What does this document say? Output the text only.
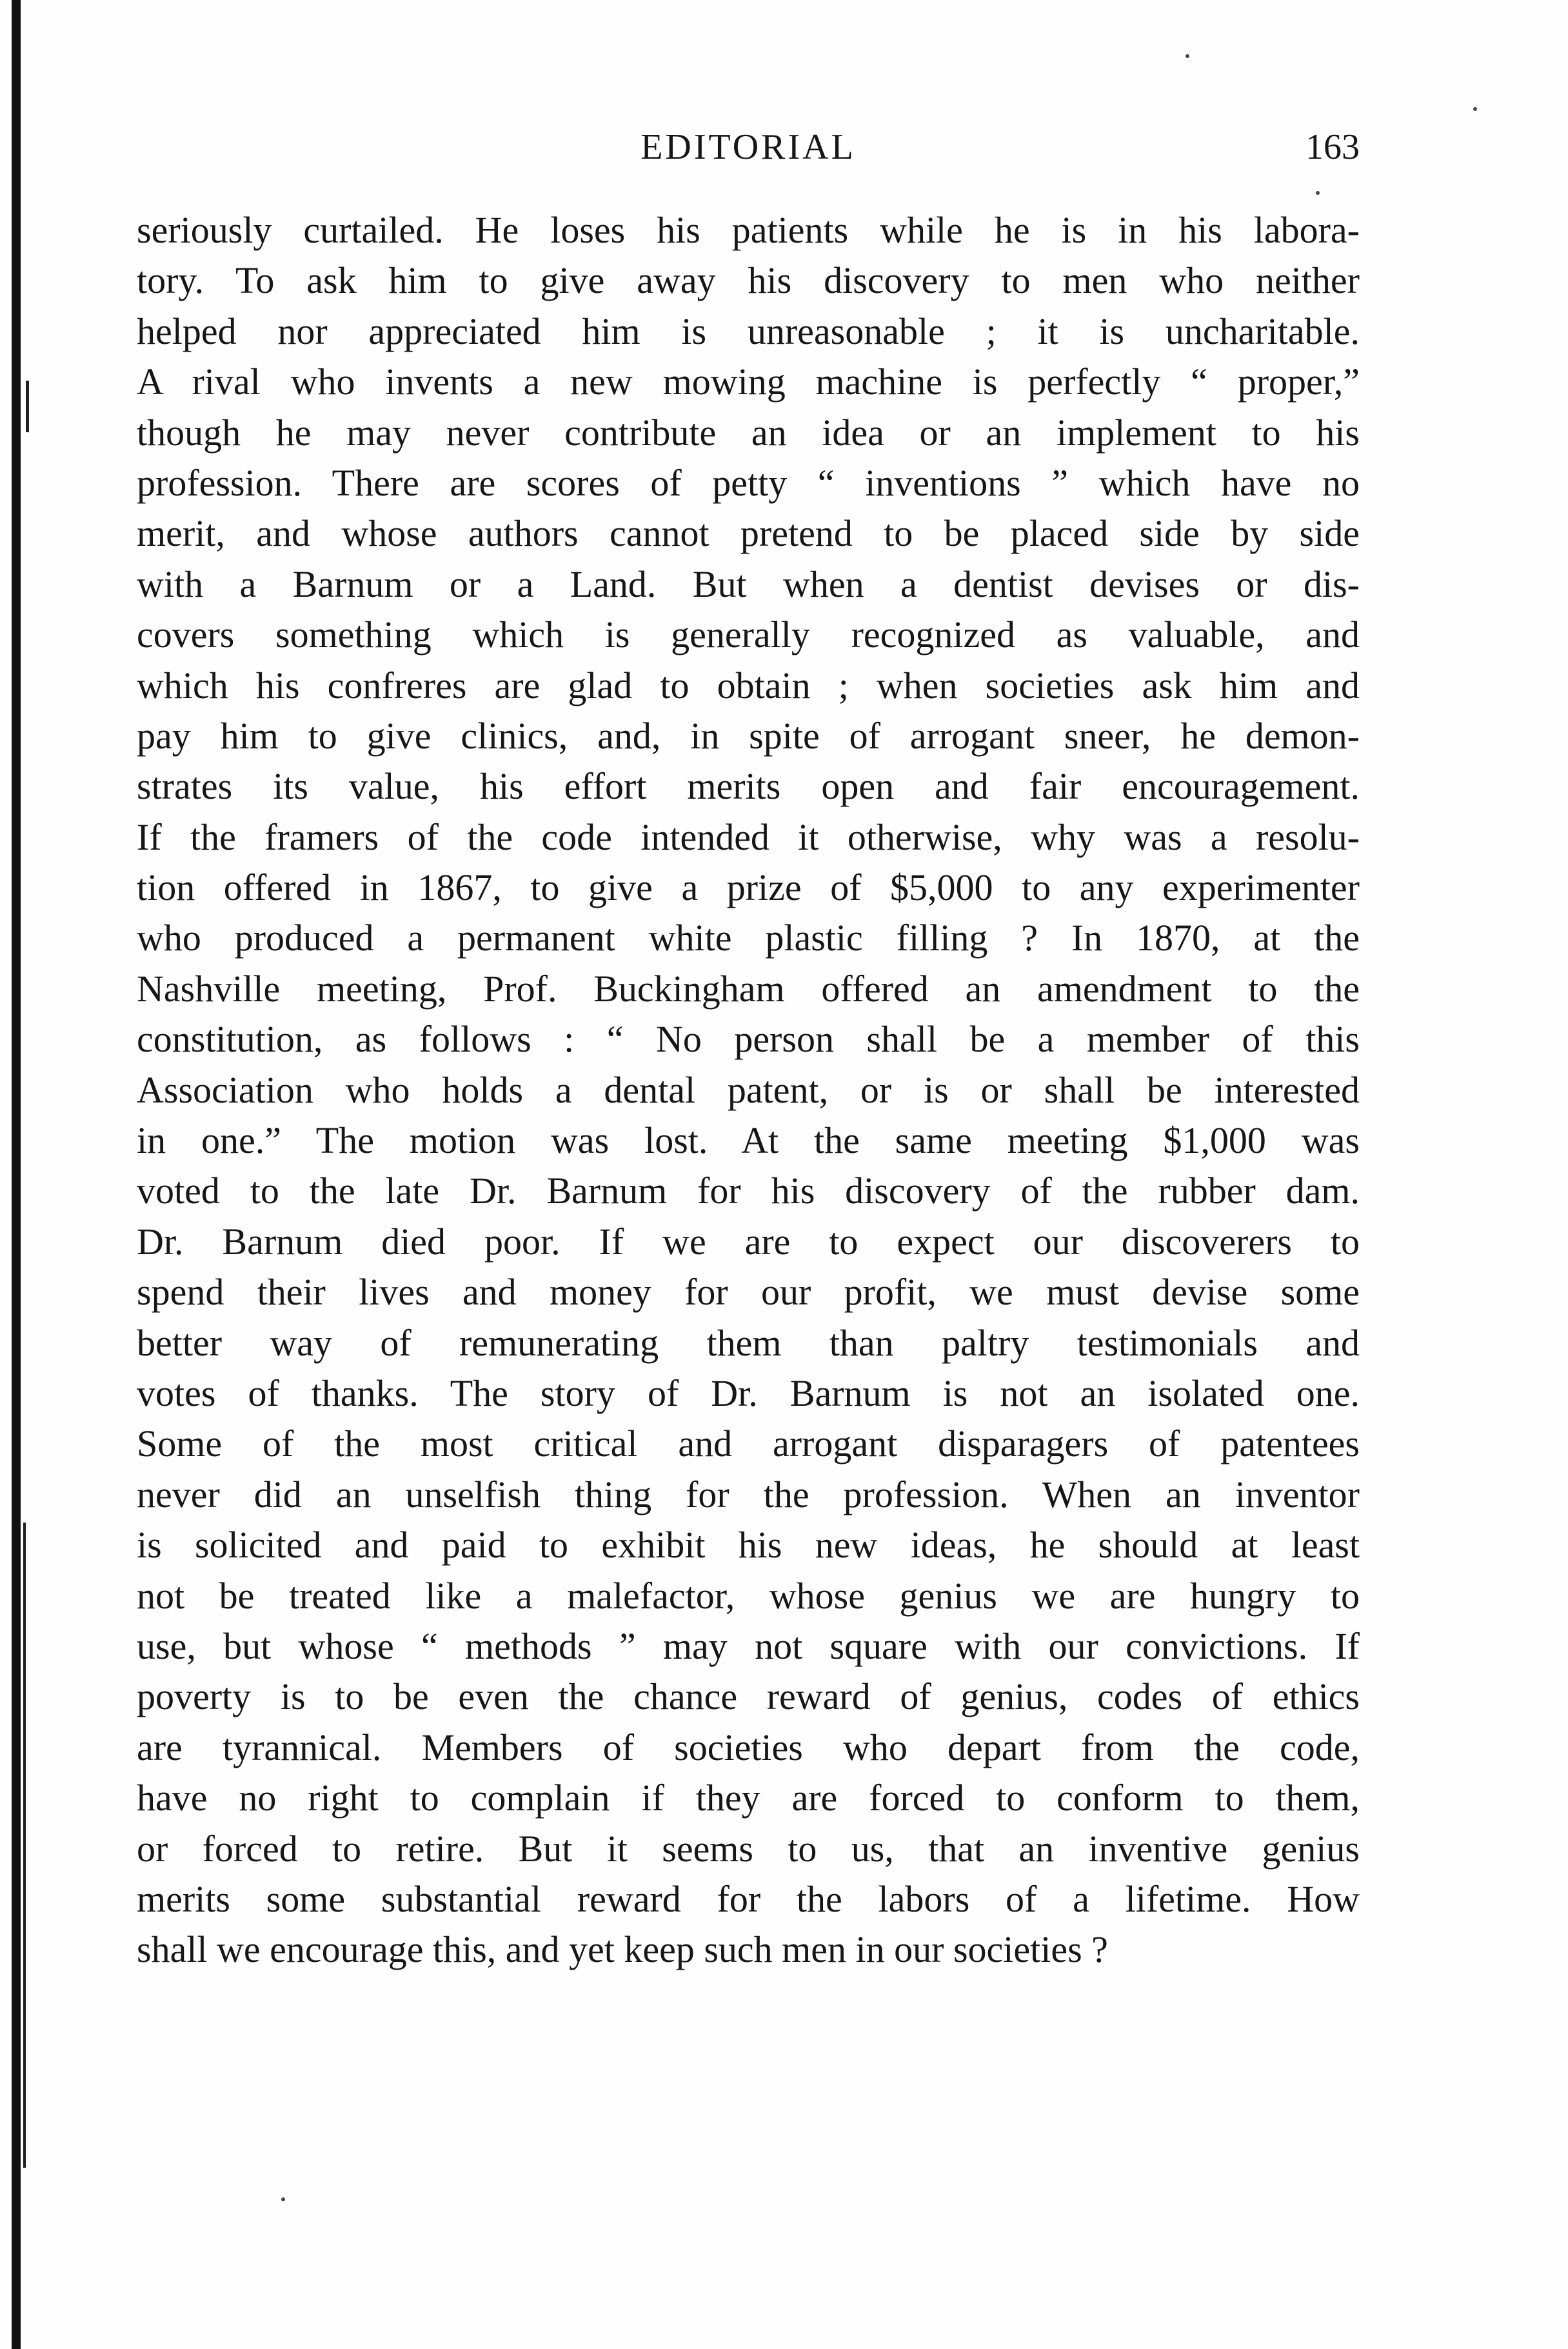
EDITORIAL	163
seriously curtailed. He loses his patients while he is in his labora-
tory. To ask him to give away his discovery to men who neither
helped nor appreciated him is unreasonable ; it is uncharitable.
A rival who invents a new mowing machine is perfectly “ proper,”
though he may never contribute an idea or an implement to his
profession. There are scores of petty “ inventions ” which have no
merit, and whose authors cannot pretend to be placed side by side
with a Barnum or a Land. But when a dentist devises or dis-
covers something which is generally recognized as valuable, and
which his confreres are glad to obtain ; when societies ask him and
pay him to give clinics, and, in spite of arrogant sneer, he demon-
strates its value, his effort merits open and fair encouragement.
If the framers of the code intended it otherwise, why was a resolu-
tion offered in 1867, to give a prize of $5,000 to any experimenter
who produced a permanent white plastic filling ? In 1870, at the
Nashville meeting, Prof. Buckingham offered an amendment to the
constitution, as follows : “ No person shall be a member of this
Association who holds a dental patent, or is or shall be interested
in one.” The motion was lost. At the same meeting $1,000 was
voted to the late Dr. Barnum for his discovery of the rubber dam.
Dr. Barnum died poor. If we are to expect our discoverers to
spend their lives and money for our profit, we must devise some
better way of remunerating them than paltry testimonials and
votes of thanks. The story of Dr. Barnum is not an isolated one.
Some of the most critical and arrogant disparagers of patentees
never did an unselfish thing for the profession. When an inventor
is solicited and paid to exhibit his new ideas, he should at least
not be treated like a malefactor, whose genius we are hungry to
use, but whose “ methods ” may not square with our convictions. If
poverty is to be even the chance reward of genius, codes of ethics
are tyrannical. Members of societies who depart from the code,
have no right to complain if they are forced to conform to them,
or forced to retire. But it seems to us, that an inventive genius
merits some substantial reward for the labors of a lifetime. How
shall we encourage this, and yet keep such men in our societies ?
